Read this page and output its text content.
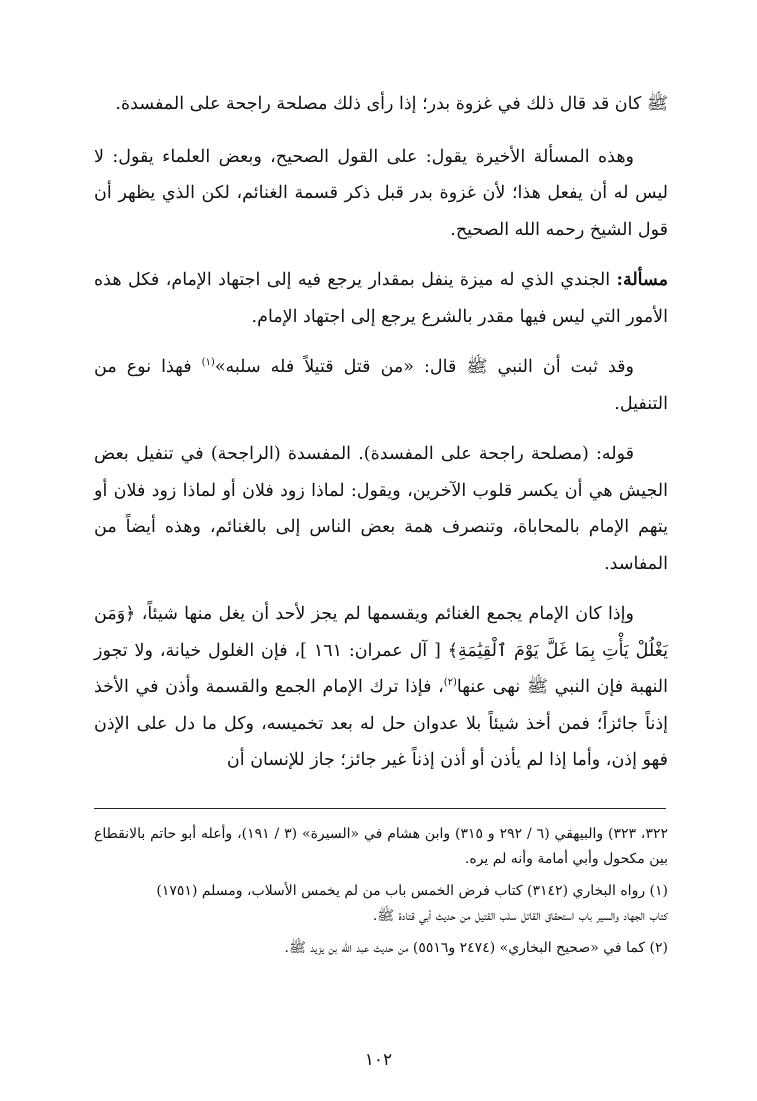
ﷺ كان قد قال ذلك في غزوة بدر؛ إذا رأى ذلك مصلحة راجحة على المفسدة.

وهذه المسألة الأخيرة يقول: على القول الصحيح، وبعض العلماء يقول: لا ليس له أن يفعل هذا؛ لأن غزوة بدر قبل ذكر قسمة الغنائم، لكن الذي يظهر أن قول الشيخ رحمه الله الصحيح.

مسألة: الجندي الذي له ميزة ينفل بمقدار يرجع فيه إلى اجتهاد الإمام، فكل هذه الأمور التي ليس فيها مقدر بالشرع يرجع إلى اجتهاد الإمام.

وقد ثبت أن النبي ﷺ قال: «من قتل قتيلاً فله سلبه»$^{(١)}$ فهذا نوع من التنفيل.

قوله: (مصلحة راجحة على المفسدة). المفسدة (الراجحة) في تنفيل بعض الجيش هي أن يكسر قلوب الآخرين، ويقول: لماذا زود فلان أو لماذا زود فلان أو يتهم الإمام بالمحاباة، وتنصرف همة بعض الناس إلى بالغنائم، وهذه أيضاً من المفاسد.

وإذا كان الإمام يجمع الغنائم ويقسمها لم يجز لأحد أن يغل منها شيئاً، ﴿وَمَن يَغْلُلْ يَأْتِ بِمَا غَلَّ يَوْمَ ٱلْقِيَٰمَةِ﴾ [ آل عمران: ١٦١ ]، فإن الغلول خيانة، ولا تجوز النهبة فإن النبي ﷺ نهى عنها$^{(٢)}$، فإذا ترك الإمام الجمع والقسمة وأذن في الأخذ إذناً جائزاً؛ فمن أخذ شيئاً بلا عدوان حل له بعد تخميسه، وكل ما دل على الإذن فهو إذن، وأما إذا لم يأذن أو أذن إذناً غير جائز؛ جاز للإنسان أن

٣٢٢، ٣٢٣) والبيهقي (٦ / ٢٩٢ و ٣١٥) وابن هشام في «السيرة» (٣ / ١٩١)، وأعله أبو حاتم بالانقطاع بين مكحول وأبي أمامة وأنه لم يره.

(١) رواه البخاري (٣١٤٢) كتاب فرض الخمس باب من لم يخمس الأسلاب، ومسلم (١٧٥١)
كتاب الجهاد والسير باب استحقاق القاتل سلب القتيل من حديث أبي قتادة ﷺ.

(٢) كما في «صحيح البخاري» (٢٤٧٤ و٥٥١٦) من حديث عبد الله بن يزيد ﷺ.

١٠٢
